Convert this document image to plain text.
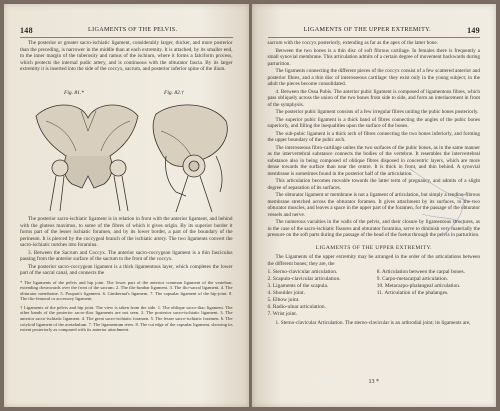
148	LIGAMENTS OF THE PELVIS.

The posterior or greater sacro-ischiatic ligament, considerably larger, thicker, and more posterior than the preceding, is narrower in the middle than at each extremity. It is attached, by its smaller end, to the inner margin of the tuberosity and ramus of the ischium, where it forms a falciform process, which protects the internal pudic artery, and is continuous with the obturator fascia. By its larger extremity it is inserted into the side of the coccyx, sacrum, and posterior inferior spine of the ilium.

Fig. 81.*	Fig. 82.†

The posterior sacro-ischiatic ligament is in relation in front with the anterior ligament, and behind with the gluteus maximus, to some of the fibres of which it gives origin. By its superior border it forms part of the lesser ischiatic foramen, and by its lower border, a part of the boundary of the perineum. It is pierced by the coccygeal branch of the ischiatic artery. The two ligaments convert the sacro-ischiatic notches into foramina.

3. Between the Sacrum and Coccyx. The anterior sacro-coccygean ligament is a thin fasciculus passing from the anterior surface of the sacrum to the front of the coccyx.

The posterior sacro-coccygean ligament is a thick ligamentous layer, which completes the lower part of the sacral canal, and connects the

* The ligaments of the pelvis and hip joint. The lower part of the anterior common ligament of the vertebræ, extending downwards over the front of the sacrum. 2. The ilio-lumbar ligament. 3. The ilio-sacral ligament. 4. The obturator membrane. 5. Poupart's ligament. 6. Gimbernat's ligament. 7. The capsular ligament of the hip-joint. 8. The ilio-femoral or accessory ligament.
† Ligaments of the pelvis and hip joint. The view is taken from the side. 1. The oblique sacro-iliac ligament. The other bands of the posterior sacro-iliac ligaments are not seen. 2. The posterior sacro-ischiatic ligament. 3. The anterior sacro-ischiatic ligament. 4. The great sacro-ischiatic foramen. 5. The lesser sacro-ischiatic foramen. 6. The cotyloid ligament of the acetabulum. 7. The ligamentum teres. 8. The cut edge of the capsular ligament, showing its extent posteriorly as compared with its anterior attachment.
LIGAMENTS OF THE UPPER EXTREMITY.	149

sacrum with the coccyx posteriorly, extending as far as the apex of the latter bone.

Between the two bones is a thin disc of soft fibrous cartilage. In females there is frequently a small synovial membrane. This articulation admits of a certain degree of movement backwards during parturition.

The ligaments connecting the different pieces of the coccyx consist of a few scattered anterior and posterior fibres, and a thin disc of interosseous cartilage: they exist only in the young subject; in the adult the pieces become consolidated.

4. Between the Ossa Pubis. The anterior pubic ligament is composed of ligamentous fibres, which pass obliquely across the union of the two bones from side to side, and form an interlacement in front of the symphysis.

The posterior pubic ligament consists of a few irregular fibres uniting the pubic bones posteriorly.

The superior pubic ligament is a thick band of fibres connecting the angles of the pubic bones superiorly, and filling the inequalities upon the surface of the bones.

The sub-pubic ligament is a thick arch of fibres connecting the two bones inferiorly, and forming the upper boundary of the pubic arch.

The interosseous fibro-cartilage unites the two surfaces of the pubic bones, as in the same manner as the intervertebral substance connects the bodies of the vertebræ. It resembles the intervertebral substance also in being composed of oblique fibres disposed in concentric layers, which are more dense towards the surface than near the centre. It is thick in front, and thin behind. A synovial membrane is sometimes found in the posterior half of the articulation.

This articulation becomes movable towards the latter term of pregnancy, and admits of a slight degree of separation of its surfaces.

The obturator ligament or membrane is not a ligament of articulation, but simply a tendino-fibrous membrane stretched across the obturator foramen. It gives attachment by its surfaces, to the two obturator muscles, and leaves a space in the upper part of the foramen, for the passage of the obturator vessels and nerve.

The numerous vacuities in the walls of the pelvis, and their closure by ligamentous structures, as in the case of the sacro-ischiatic fissures and obturator foramina, serve to diminish very materially the pressure on the soft parts during the passage of the head of the foetus through the pelvis in parturition.

LIGAMENTS OF THE UPPER EXTREMITY.

The Ligaments of the upper extremity may be arranged in the order of the articulations between the different bones; they are, the

1. Sterno-clavicular articulation.	8. Articulation between the carpal bones.
2. Scapulo-clavicular articulation.	9. Carpo-metacarpal articulation.
3. Ligaments of the scapula.	10. Metacarpo-phalangeal articulation.
4. Shoulder joint.	11. Articulation of the phalanges.
5. Elbow joint.
6. Radio-ulnar articulation.
7. Wrist joint.

1. Sterno-clavicular Articulation. The sterno-clavicular is an arthrodial joint; its ligaments are,

13 *
